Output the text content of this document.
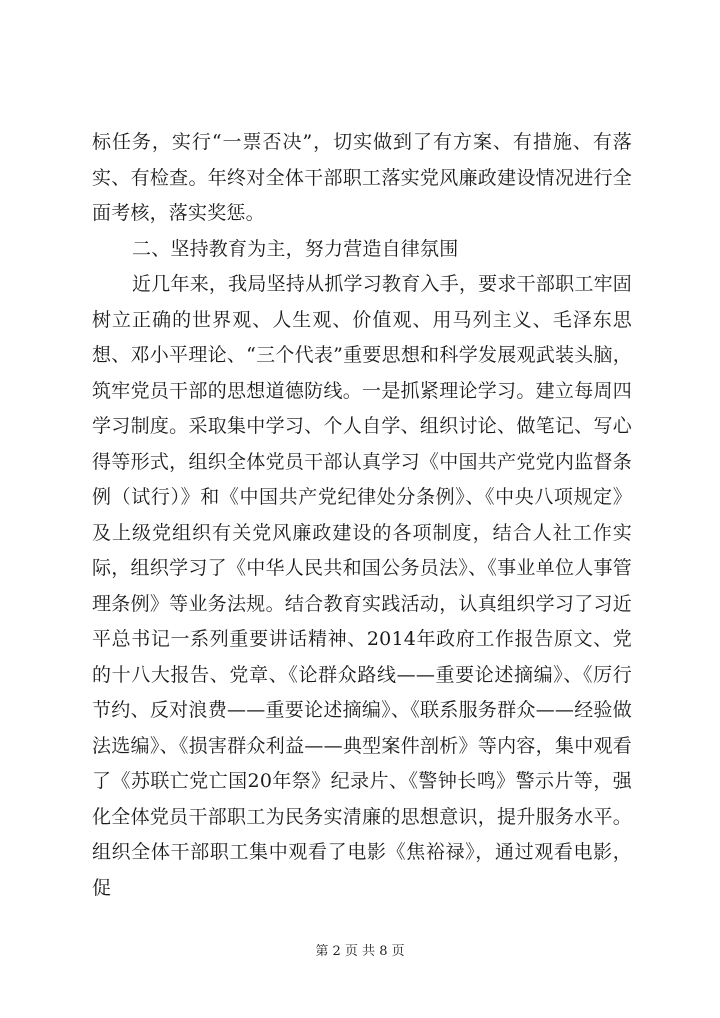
标任务，实行“一票否决”，切实做到了有方案、有措施、有落实、有检查。年终对全体干部职工落实党风廉政建设情况进行全面考核，落实奖惩。

二、坚持教育为主，努力营造自律氛围

近几年来，我局坚持从抓学习教育入手，要求干部职工牢固树立正确的世界观、人生观、价值观、用马列主义、毛泽东思想、邓小平理论、“三个代表”重要思想和科学发展观武装头脑，筑牢党员干部的思想道德防线。一是抓紧理论学习。建立每周四学习制度。采取集中学习、个人自学、组织讨论、做笔记、写心得等形式，组织全体党员干部认真学习《中国共产党党内监督条例（试行）》和《中国共产党纪律处分条例》、《中央八项规定》及上级党组织有关党风廉政建设的各项制度，结合人社工作实际，组织学习了《中华人民共和国公务员法》、《事业单位人事管理条例》等业务法规。结合教育实践活动，认真组织学习了习近平总书记一系列重要讲话精神、2014年政府工作报告原文、党的十八大报告、党章、《论群众路线——重要论述摘编》、《厉行节约、反对浪费——重要论述摘编》、《联系服务群众——经验做法选编》、《损害群众利益——典型案件剖析》等内容，集中观看了《苏联亡党亡国20年祭》纪录片、《警钟长鸣》警示片等，强化全体党员干部职工为民务实清廉的思想意识，提升服务水平。组织全体干部职工集中观看了电影《焦裕禄》，通过观看电影，促

第 2 页 共 8 页
